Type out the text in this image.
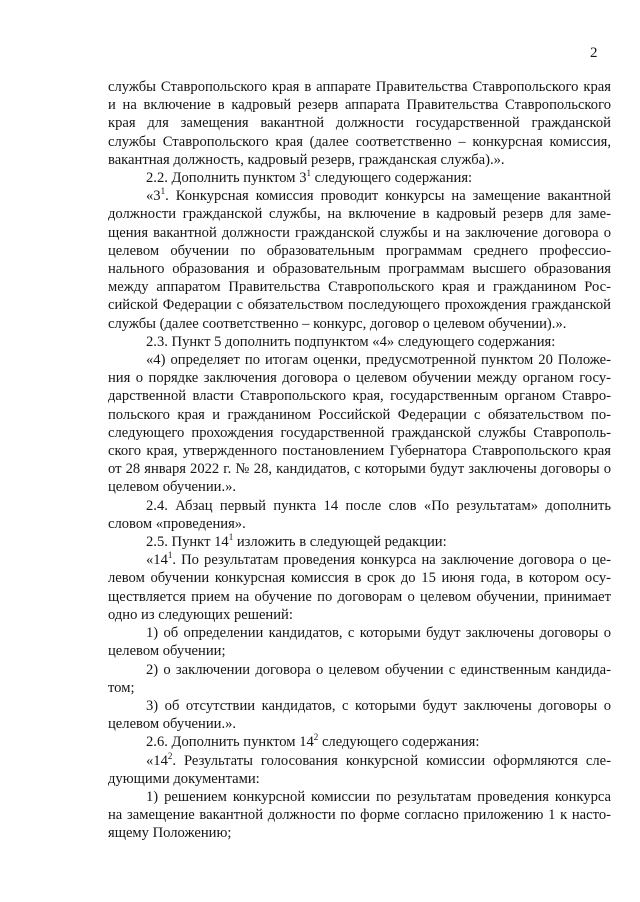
2

службы Ставропольского края в аппарате Правительства Ставропольского края и на включение в кадровый резерв аппарата Правительства Ставропольского края для замещения вакантной должности государственной гражданской службы Ставропольского края (далее соответственно – конкурсная комиссия, вакантная должность, кадровый резерв, гражданская служба).».

2.2. Дополнить пунктом $3^1$ следующего содержания:

«$3^1$. Конкурсная комиссия проводит конкурсы на замещение вакантной должности гражданской службы, на включение в кадровый резерв для замещения вакантной должности гражданской службы и на заключение договора о целевом обучении по образовательным программам среднего профессионального образования и образовательным программам высшего образования между аппаратом Правительства Ставропольского края и гражданином Российской Федерации с обязательством последующего прохождения гражданской службы (далее соответственно – конкурс, договор о целевом обучении).».

2.3. Пункт 5 дополнить подпунктом «4» следующего содержания:

«4) определяет по итогам оценки, предусмотренной пунктом 20 Положения о порядке заключения договора о целевом обучении между органом государственной власти Ставропольского края, государственным органом Ставропольского края и гражданином Российской Федерации с обязательством последующего прохождения государственной гражданской службы Ставропольского края, утвержденного постановлением Губернатора Ставропольского края от 28 января 2022 г. № 28, кандидатов, с которыми будут заключены договоры о целевом обучении.».

2.4. Абзац первый пункта 14 после слов «По результатам» дополнить словом «проведения».

2.5. Пункт $14^1$ изложить в следующей редакции:

«$14^1$. По результатам проведения конкурса на заключение договора о целевом обучении конкурсная комиссия в срок до 15 июня года, в котором осуществляется прием на обучение по договорам о целевом обучении, принимает одно из следующих решений:

1) об определении кандидатов, с которыми будут заключены договоры о целевом обучении;

2) о заключении договора о целевом обучении с единственным кандидатом;

3) об отсутствии кандидатов, с которыми будут заключены договоры о целевом обучении.».

2.6. Дополнить пунктом $14^2$ следующего содержания:

«$14^2$. Результаты голосования конкурсной комиссии оформляются следующими документами:

1) решением конкурсной комиссии по результатам проведения конкурса на замещение вакантной должности по форме согласно приложению 1 к настоящему Положению;
